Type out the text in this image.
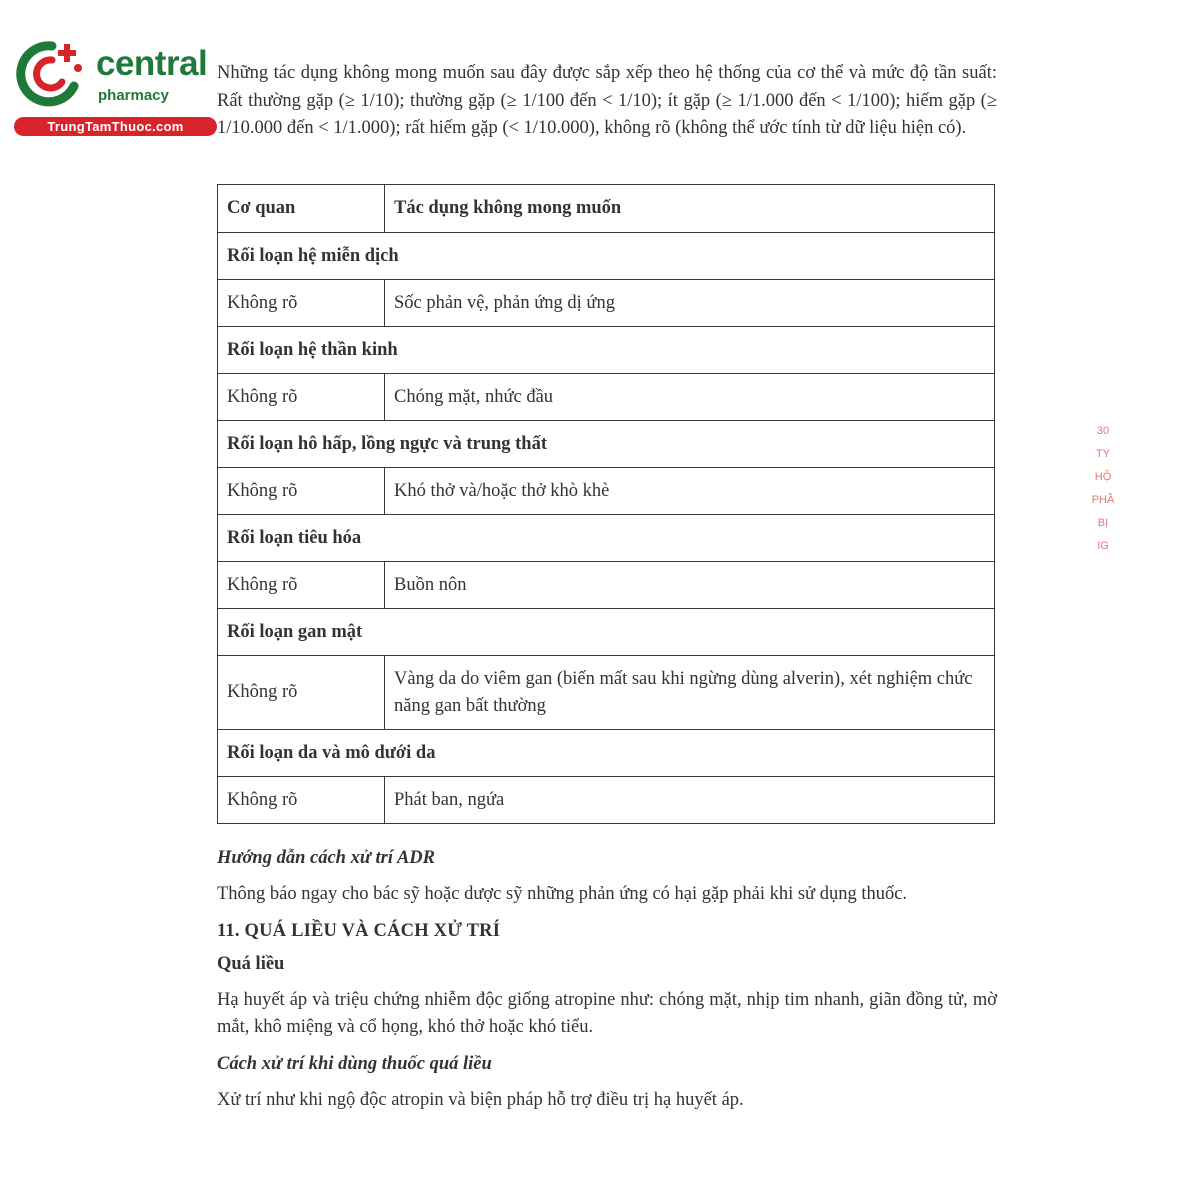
central
pharmacy
TrungTamThuoc.com

Những tác dụng không mong muốn sau đây được sắp xếp theo hệ thống của cơ thể và mức độ tần suất: Rất thường gặp (≥ 1/10); thường gặp (≥ 1/100 đến < 1/10); ít gặp (≥ 1/1.000 đến < 1/100); hiếm gặp (≥ 1/10.000 đến < 1/1.000); rất hiếm gặp (< 1/10.000), không rõ (không thể ước tính từ dữ liệu hiện có).

Cơ quan	Tác dụng không mong muốn
Rối loạn hệ miễn dịch	
Không rõ	Sốc phản vệ, phản ứng dị ứng
Rối loạn hệ thần kinh	
Không rõ	Chóng mặt, nhức đầu
Rối loạn hô hấp, lồng ngực và trung thất	
Không rõ	Khó thở và/hoặc thở khò khè
Rối loạn tiêu hóa	
Không rõ	Buồn nôn
Rối loạn gan mật	
Không rõ	Vàng da do viêm gan (biến mất sau khi ngừng dùng alverin), xét nghiệm chức năng gan bất thường
Rối loạn da và mô dưới da	
Không rõ	Phát ban, ngứa

Hướng dẫn cách xử trí ADR

Thông báo ngay cho bác sỹ hoặc dược sỹ những phản ứng có hại gặp phải khi sử dụng thuốc.

11. QUÁ LIỀU VÀ CÁCH XỬ TRÍ

Quá liều

Hạ huyết áp và triệu chứng nhiễm độc giống atropine như: chóng mặt, nhịp tim nhanh, giãn đồng tử, mờ mắt, khô miệng và cổ họng, khó thở hoặc khó tiểu.

Cách xử trí khi dùng thuốc quá liều

Xử trí như khi ngộ độc atropin và biện pháp hỗ trợ điều trị hạ huyết áp.

30
TY
HỘ
PHẦ
BỊ
IG
